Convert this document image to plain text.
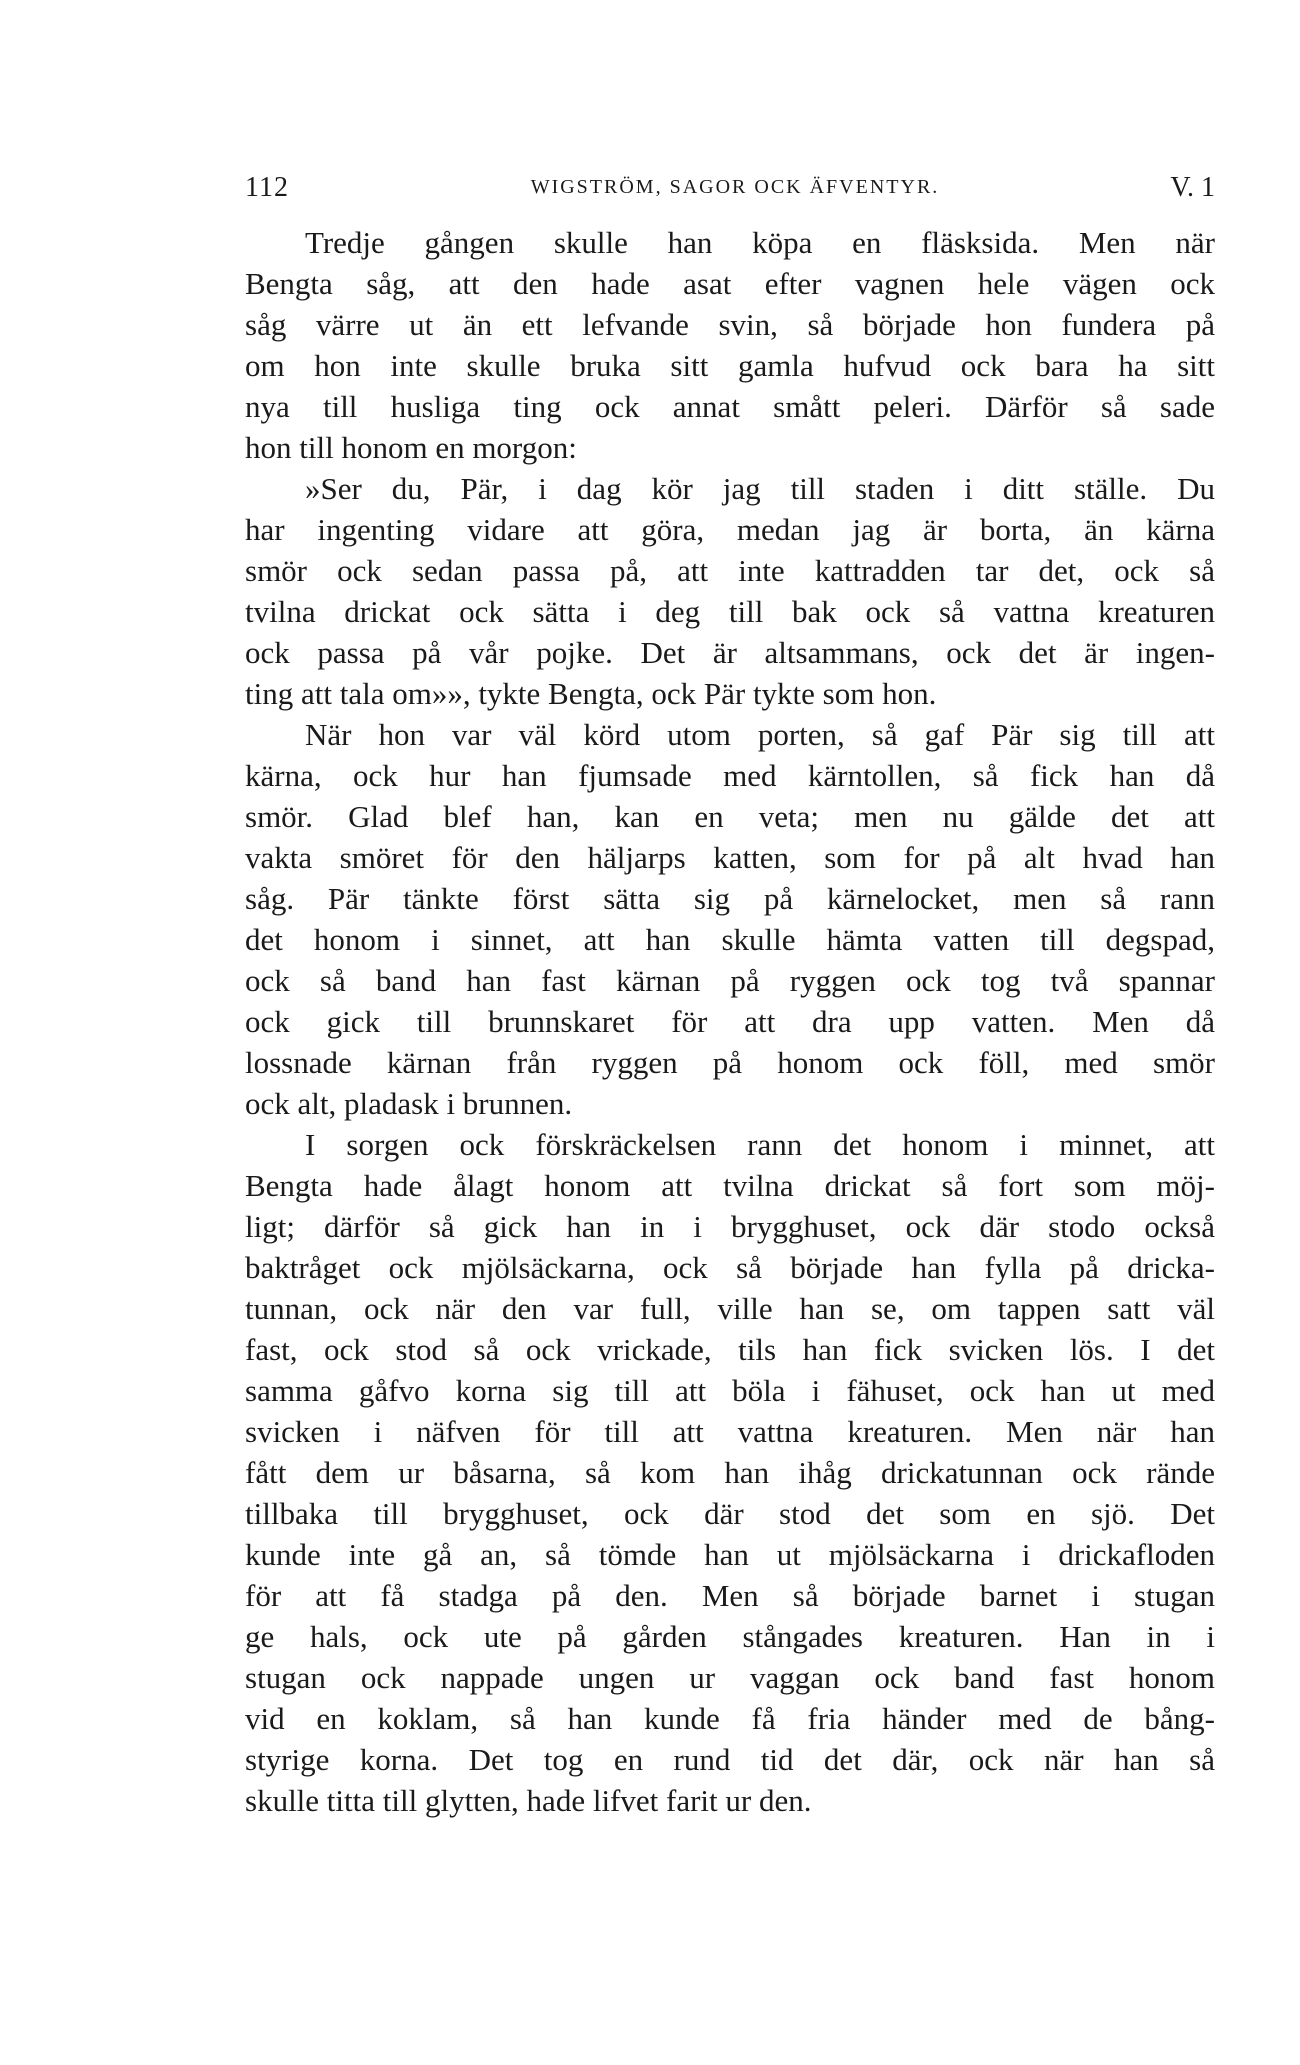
112	WIGSTRÖM, SAGOR OCK ÄFVENTYR.	V. 1
Tredje gången skulle han köpa en fläsksida. Men när
Bengta såg, att den hade asat efter vagnen hele vägen ock
såg värre ut än ett lefvande svin, så började hon fundera på
om hon inte skulle bruka sitt gamla hufvud ock bara ha sitt
nya till husliga ting ock annat smått peleri. Därför så sade
hon till honom en morgon:
»Ser du, Pär, i dag kör jag till staden i ditt ställe. Du
har ingenting vidare att göra, medan jag är borta, än kärna
smör ock sedan passa på, att inte kattradden tar det, ock så
tvilna drickat ock sätta i deg till bak ock så vattna kreaturen
ock passa på vår pojke. Det är altsammans, ock det är ingen-
ting att tala om»», tykte Bengta, ock Pär tykte som hon.
När hon var väl körd utom porten, så gaf Pär sig till att
kärna, ock hur han fjumsade med kärntollen, så fick han då
smör. Glad blef han, kan en veta; men nu gälde det att
vakta smöret för den häljarps katten, som for på alt hvad han
såg. Pär tänkte först sätta sig på kärnelocket, men så rann
det honom i sinnet, att han skulle hämta vatten till degspad,
ock så band han fast kärnan på ryggen ock tog två spannar
ock gick till brunnskaret för att dra upp vatten. Men då
lossnade kärnan från ryggen på honom ock föll, med smör
ock alt, pladask i brunnen.
I sorgen ock förskräckelsen rann det honom i minnet, att
Bengta hade ålagt honom att tvilna drickat så fort som möj-
ligt; därför så gick han in i brygghuset, ock där stodo också
baktråget ock mjölsäckarna, ock så började han fylla på dricka-
tunnan, ock när den var full, ville han se, om tappen satt väl
fast, ock stod så ock vrickade, tils han fick svicken lös. I det
samma gåfvo korna sig till att böla i fähuset, ock han ut med
svicken i näfven för till att vattna kreaturen. Men när han
fått dem ur båsarna, så kom han ihåg drickatunnan ock rände
tillbaka till brygghuset, ock där stod det som en sjö. Det
kunde inte gå an, så tömde han ut mjölsäckarna i drickafloden
för att få stadga på den. Men så började barnet i stugan
ge hals, ock ute på gården stångades kreaturen. Han in i
stugan ock nappade ungen ur vaggan ock band fast honom
vid en koklam, så han kunde få fria händer med de bång-
styrige korna. Det tog en rund tid det där, ock när han så
skulle titta till glytten, hade lifvet farit ur den.
